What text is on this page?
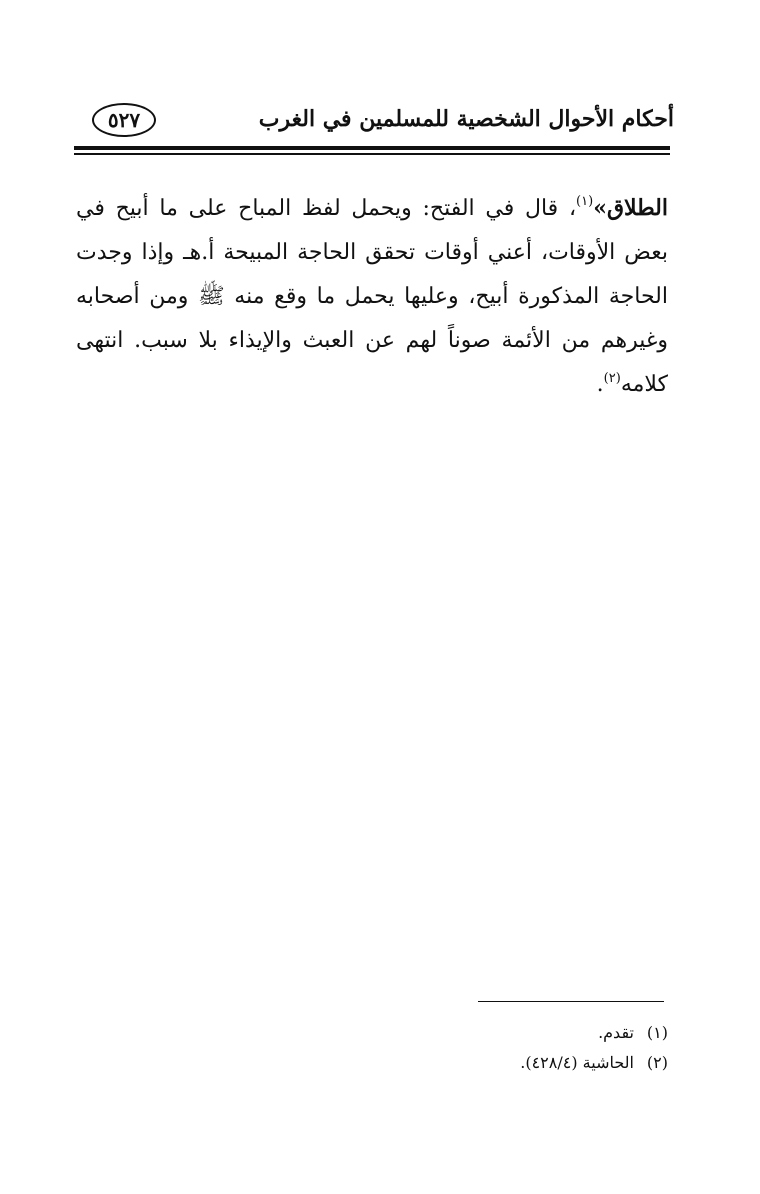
٥٢٧	أحكام الأحوال الشخصية للمسلمين في الغرب

الطلاق»$^{(١)}$، قال في الفتح: ويحمل لفظ المباح على ما أبيح في بعض الأوقات، أعني أوقات تحقق الحاجة المبيحة أ.هـ وإذا وجدت الحاجة المذكورة أبيح، وعليها يحمل ما وقع منه ﷺ ومن أصحابه وغيرهم من الأئمة صوناً لهم عن العبث والإيذاء بلا سبب. انتهى كلامه$^{(٢)}$.

(١)
تقدم.
(٢)
الحاشية (٤٢٨/٤).
